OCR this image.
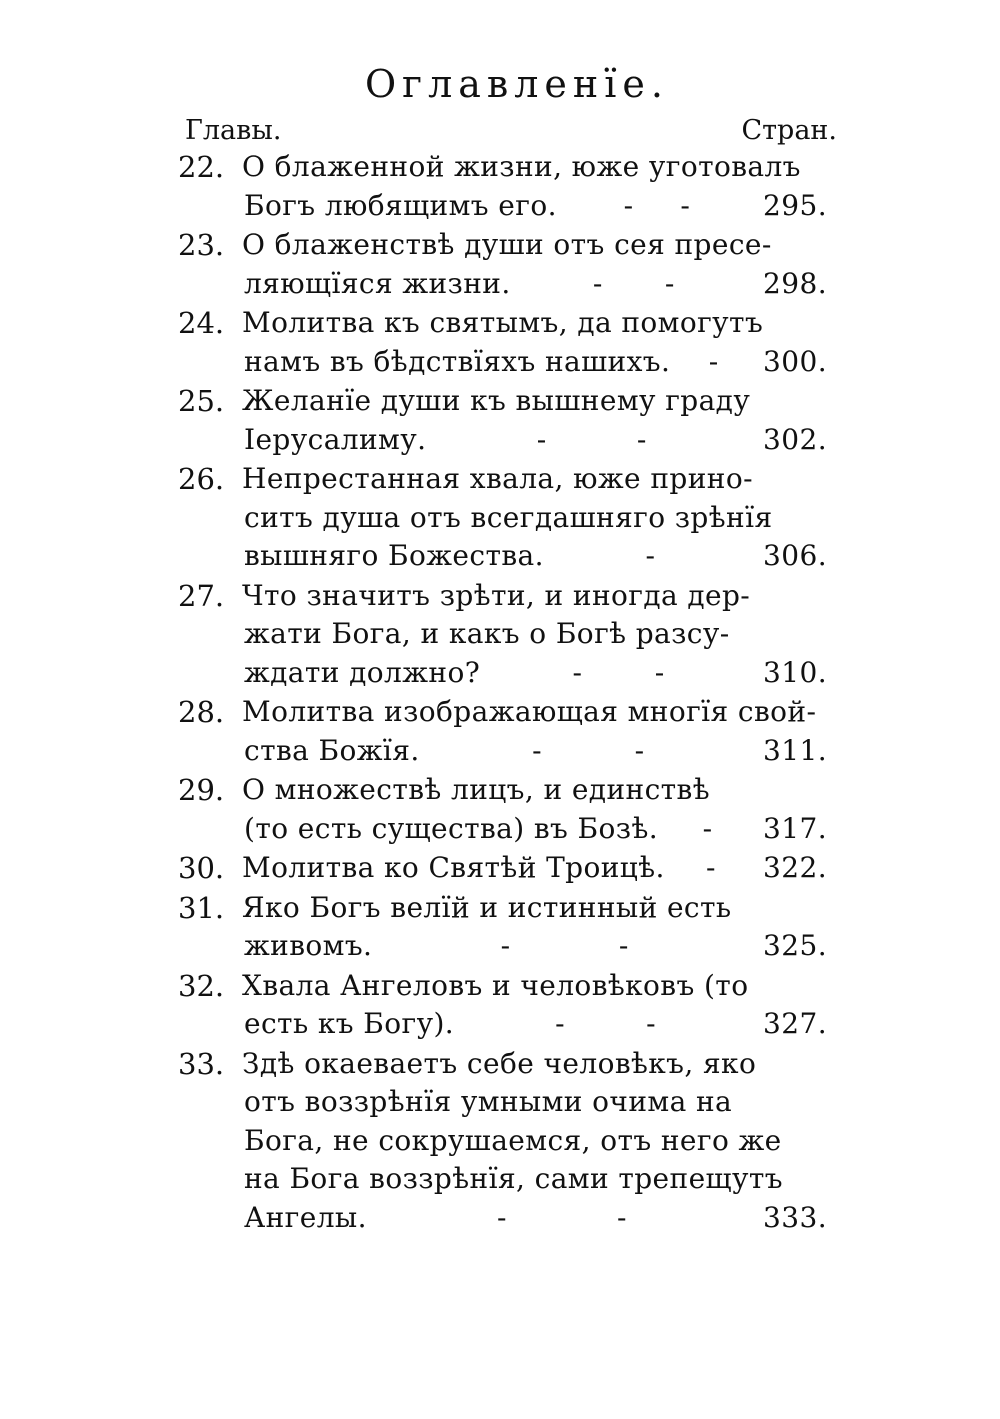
Оглавленїе.
Главы.	Стран.
22. О блаженной жизни, юже уготовалъ
Богъ любящимъ его. - -	295.
23. О блаженствѣ души отъ сея пресе-
ляющїяся жизни.	- -	298.
24. Молитва къ святымъ, да помогутъ
намъ въ бѣдствїяхъ нашихъ. - 300.
25. Желанїе души къ вышнему граду
Іерусалиму.	-	-	302.
26. Непрестанная хвала, юже прино-
ситъ душа отъ всегдашняго зрѣнїя
вышняго Божества.	-	306.
27. Что значитъ зрѣти, и иногда дер-
жати Бога, и какъ о Богѣ разсу-
ждати должно?	-	-	310.
28. Молитва изображающая многїя свой-
ства Божїя.	-	-	311.
29. О множествѣ лицъ, и единствѣ
(то есть существа) въ Бозѣ. - 317.
30. Молитва ко Святѣй Троицѣ. - 322.
31. Яко Богъ велїй и истинный есть
живомъ.	-	-	325.
32. Хвала Ангеловъ и человѣковъ (то
есть къ Богу).	-	-	327.
33. Здѣ окаеваетъ себе человѣкъ, яко
отъ воззрѣнїя умными очима на
Бога, не сокрушаемся, отъ него же
на Бога воззрѣнїя, сами трепещутъ
Ангелы.	-	-	333.
